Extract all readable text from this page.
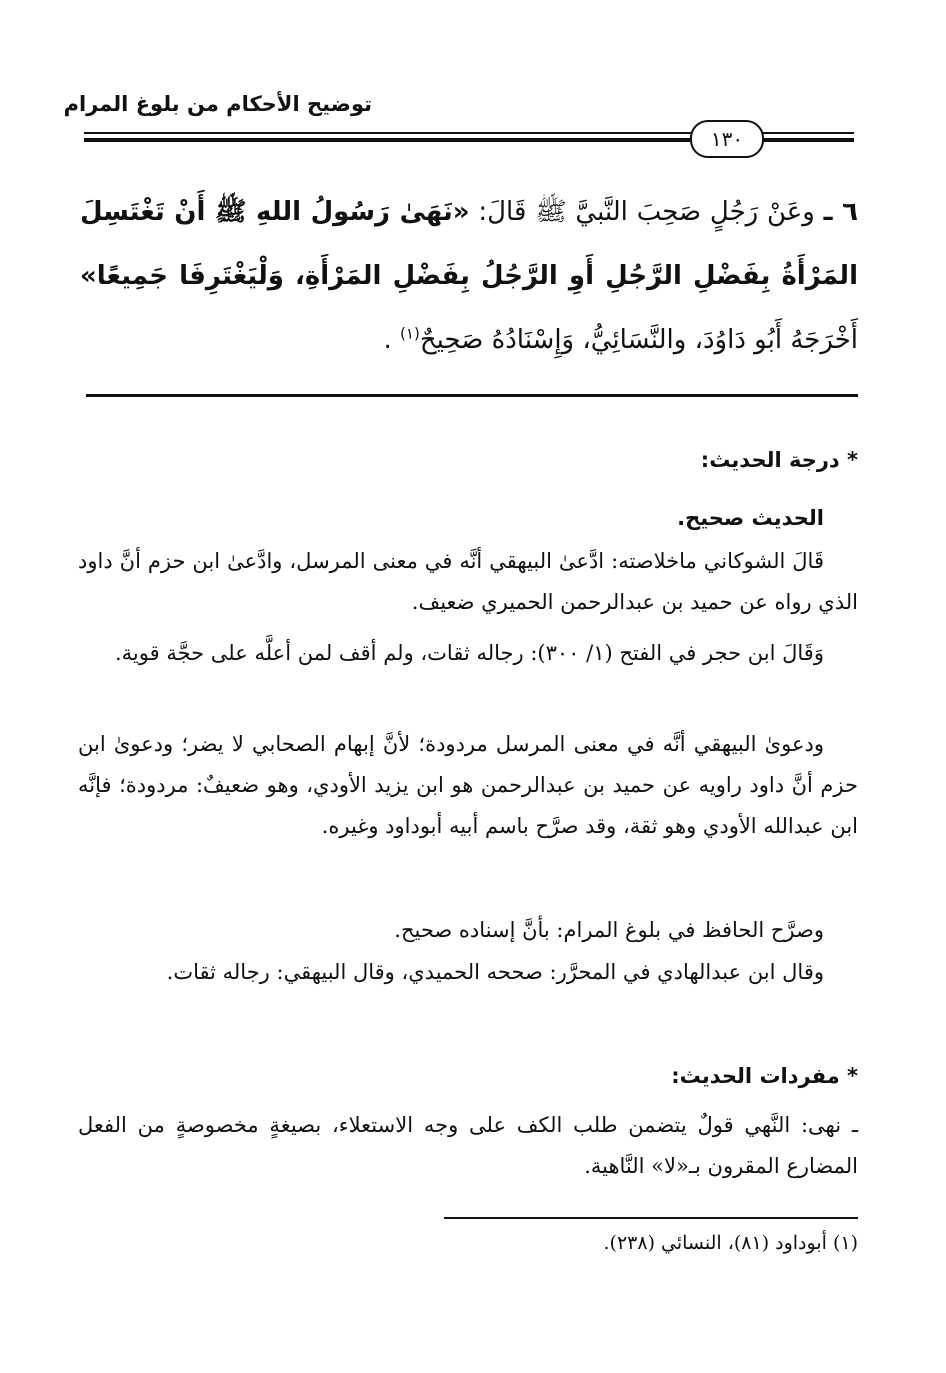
توضيح الأحكام من بلوغ المرام
١٣٠
٦ ـ وعَنْ رَجُلٍ صَحِبَ النَّبيَّ ﷺ قَالَ: «نَهَىٰ رَسُولُ اللهِ ﷺ أَنْ تَغْتَسِلَ المَرْأَةُ بِفَضْلِ الرَّجُلِ أَوِ الرَّجُلُ بِفَضْلِ المَرْأَةِ، وَلْيَغْتَرِفَا جَمِيعًا» أَخْرَجَهُ أَبُو دَاوُدَ، والنَّسَائِيُّ، وَإِسْنَادُهُ صَحِيحٌ$^{(١)}$ .
* درجة الحديث:
الحديث صحيح.
قَالَ الشوكاني ماخلاصته: ادَّعىٰ البيهقي أنَّه في معنى المرسل، وادَّعىٰ ابن حزم أنَّ داود الذي رواه عن حميد بن عبدالرحمن الحميري ضعيف.
وَقَالَ ابن حجر في الفتح (١/ ٣٠٠): رجاله ثقات، ولم أقف لمن أعلَّه على حجَّة قوية.
ودعوىٰ البيهقي أنَّه في معنى المرسل مردودة؛ لأنَّ إبهام الصحابي لا يضر؛ ودعوىٰ ابن حزم أنَّ داود راويه عن حميد بن عبدالرحمن هو ابن يزيد الأودي، وهو ضعيفٌ: مردودة؛ فإنَّه ابن عبدالله الأودي وهو ثقة، وقد صرَّح باسم أبيه أبوداود وغيره.
وصرَّح الحافظ في بلوغ المرام: بأنَّ إسناده صحيح.
وقال ابن عبدالهادي في المحرَّر: صححه الحميدي، وقال البيهقي: رجاله ثقات.
* مفردات الحديث:
ـ نهى: النَّهي قولٌ يتضمن طلب الكف على وجه الاستعلاء، بصيغةٍ مخصوصةٍ من الفعل المضارع المقرون بـ«لا» النَّاهية.
(١) أبوداود (٨١)، النسائي (٢٣٨).
